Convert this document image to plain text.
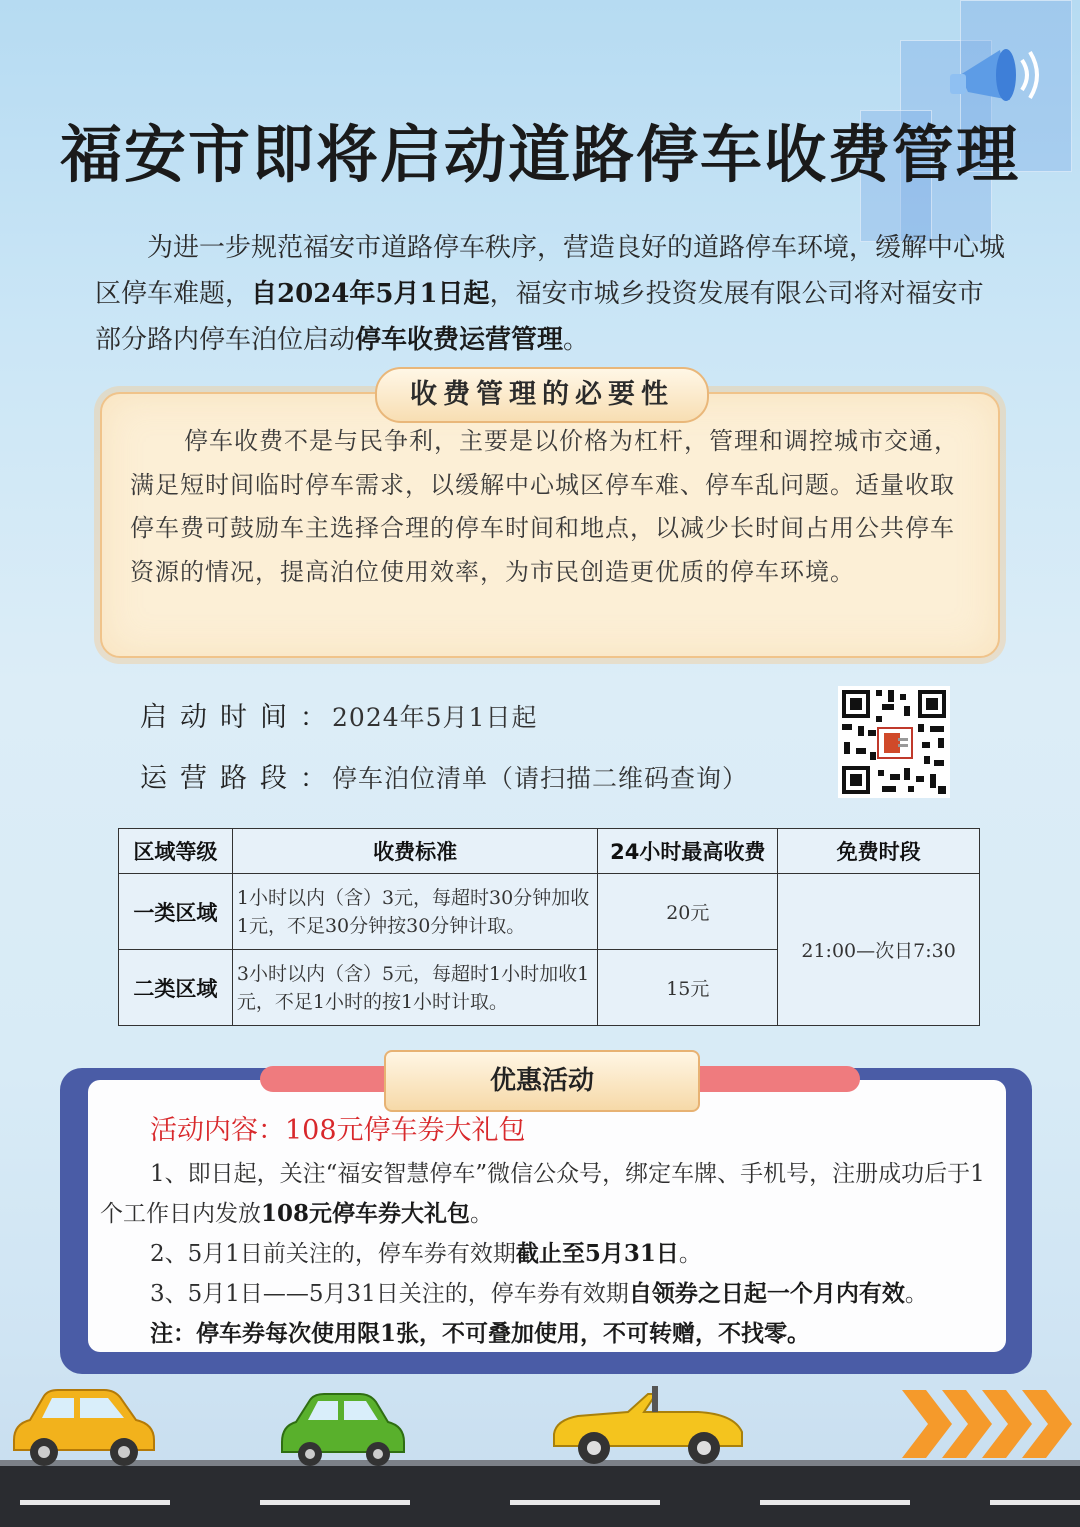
福安市即将启动道路停车收费管理

为进一步规范福安市道路停车秩序，营造良好的道路停车环境，缓解中心城区停车难题，自2024年5月1日起，福安市城乡投资发展有限公司将对福安市部分路内停车泊位启动停车收费运营管理。

收费管理的必要性

停车收费不是与民争利，主要是以价格为杠杆，管理和调控城市交通，满足短时间临时停车需求，以缓解中心城区停车难、停车乱问题。适量收取停车费可鼓励车主选择合理的停车时间和地点，以减少长时间占用公共停车资源的情况，提高泊位使用效率，为市民创造更优质的停车环境。

启动时间： 2024年5月1日起
运营路段： 停车泊位清单（请扫描二维码查询）
区域等级	收费标准	24小时最高收费	免费时段
一类区域	1小时以内（含）3元，每超时30分钟加收1元，不足30分钟按30分钟计取。	20元	21:00—次日7:30
二类区域	3小时以内（含）5元，每超时1小时加收1元，不足1小时的按1小时计取。	15元	
优惠活动

活动内容：108元停车券大礼包

1、即日起，关注“福安智慧停车”微信公众号，绑定车牌、手机号，注册成功后于1个工作日内发放108元停车券大礼包。

2、5月1日前关注的，停车券有效期截止至5月31日。

3、5月1日——5月31日关注的，停车券有效期自领券之日起一个月内有效。

注：停车券每次使用限1张，不可叠加使用，不可转赠，不找零。
